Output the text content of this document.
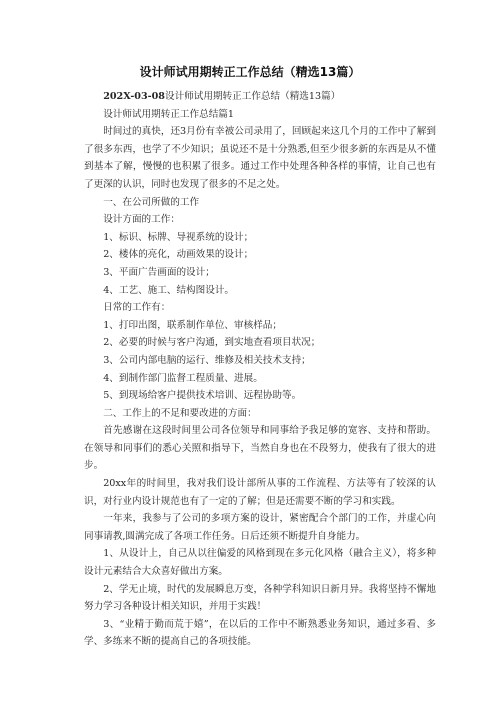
设计师试用期转正工作总结（精选13篇）

202X-03-08设计师试用期转正工作总结（精选13篇）

设计师试用期转正工作总结篇1

时间过的真快，还3月份有幸被公司录用了，回顾起来这几个月的工作中了解到了很多东西，也学了不少知识；虽说还不是十分熟悉,但至少很多新的东西是从不懂到基本了解，慢慢的也积累了很多。通过工作中处理各种各样的事情，让自己也有了更深的认识，同时也发现了很多的不足之处。

一、在公司所做的工作

设计方面的工作：

1、标识、标牌、导视系统的设计；

2、楼体的亮化，动画效果的设计；

3、平面广告画面的设计；

4、工艺、施工、结构图设计。

日常的工作有：

1、打印出图，联系制作单位、审核样品；

2、必要的时候与客户沟通，到实地查看项目状况；

3、公司内部电脑的运行、维修及相关技术支持；

4、到制作部门监督工程质量、进展。

5、到现场给客户提供技术培训、远程协助等。

二、工作上的不足和要改进的方面：

首先感谢在这段时间里公司各位领导和同事给予我足够的宽容、支持和帮助。在领导和同事们的悉心关照和指导下，当然自身也在不段努力，使我有了很大的进步。

20xx年的时间里，我对我们设计部所从事的工作流程、方法等有了较深的认识，对行业内设计规范也有了一定的了解；但是还需要不断的学习和实践。

一年来，我参与了公司的多项方案的设计，紧密配合个部门的工作，并虚心向同事请教,圆满完成了各项工作任务。日后还须不断提升自身能力。

1、从设计上，自己从以往偏爱的风格到现在多元化风格（融合主义），将多种设计元素结合大众喜好做出方案。

2、学无止境，时代的发展瞬息万变，各种学科知识日新月异。我将坚持不懈地努力学习各种设计相关知识，并用于实践！

3、“业精于勤而荒于嬉”，在以后的工作中不断熟悉业务知识，通过多看、多学、多练来不断的提高自己的各项技能。
